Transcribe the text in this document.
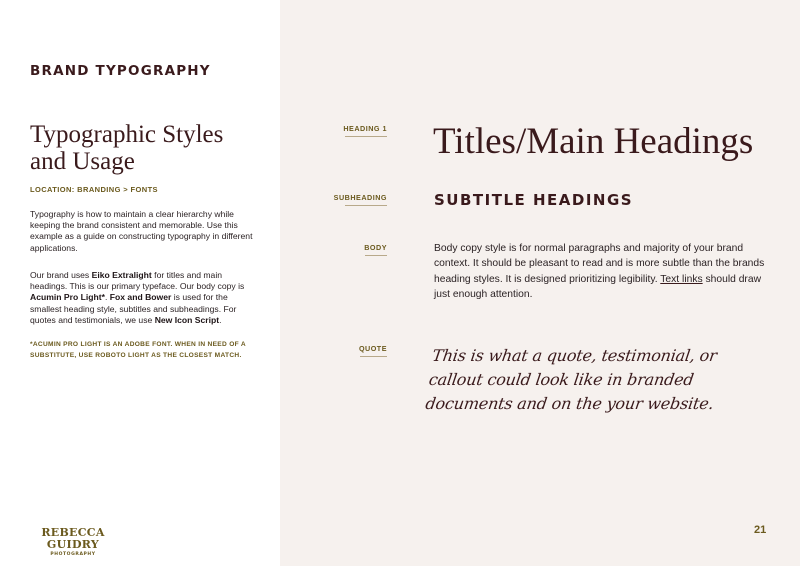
BRAND TYPOGRAPHY
Typographic Styles
and Usage
LOCATION: BRANDING > FONTS

Typography is how to maintain a clear hierarchy while keeping the brand consistent and memorable. Use this example as a guide on constructing typography in different applications.

Our brand uses Eiko Extralight for titles and main headings. This is our primary typeface. Our body copy is Acumin Pro Light*. Fox and Bower is used for the smallest heading style, subtitles and subheadings. For quotes and testimonials, we use New Icon Script.

*ACUMIN PRO LIGHT IS AN ADOBE FONT. WHEN IN NEED OF A SUBSTITUTE, USE ROBOTO LIGHT AS THE CLOSEST MATCH.

HEADING 1
SUBHEADING
BODY
QUOTE
Titles/Main Headings
SUBTITLE HEADINGS

Body copy style is for normal paragraphs and majority of your brand context. It should be pleasant to read and is more subtle than the brands heading styles. It is designed prioritizing legibility. Text links should draw just enough attention.

This is what a quote, testimonial, or callout could look like in branded documents and on the your website.

REBECCA GUIDRY
PHOTOGRAPHY
21
